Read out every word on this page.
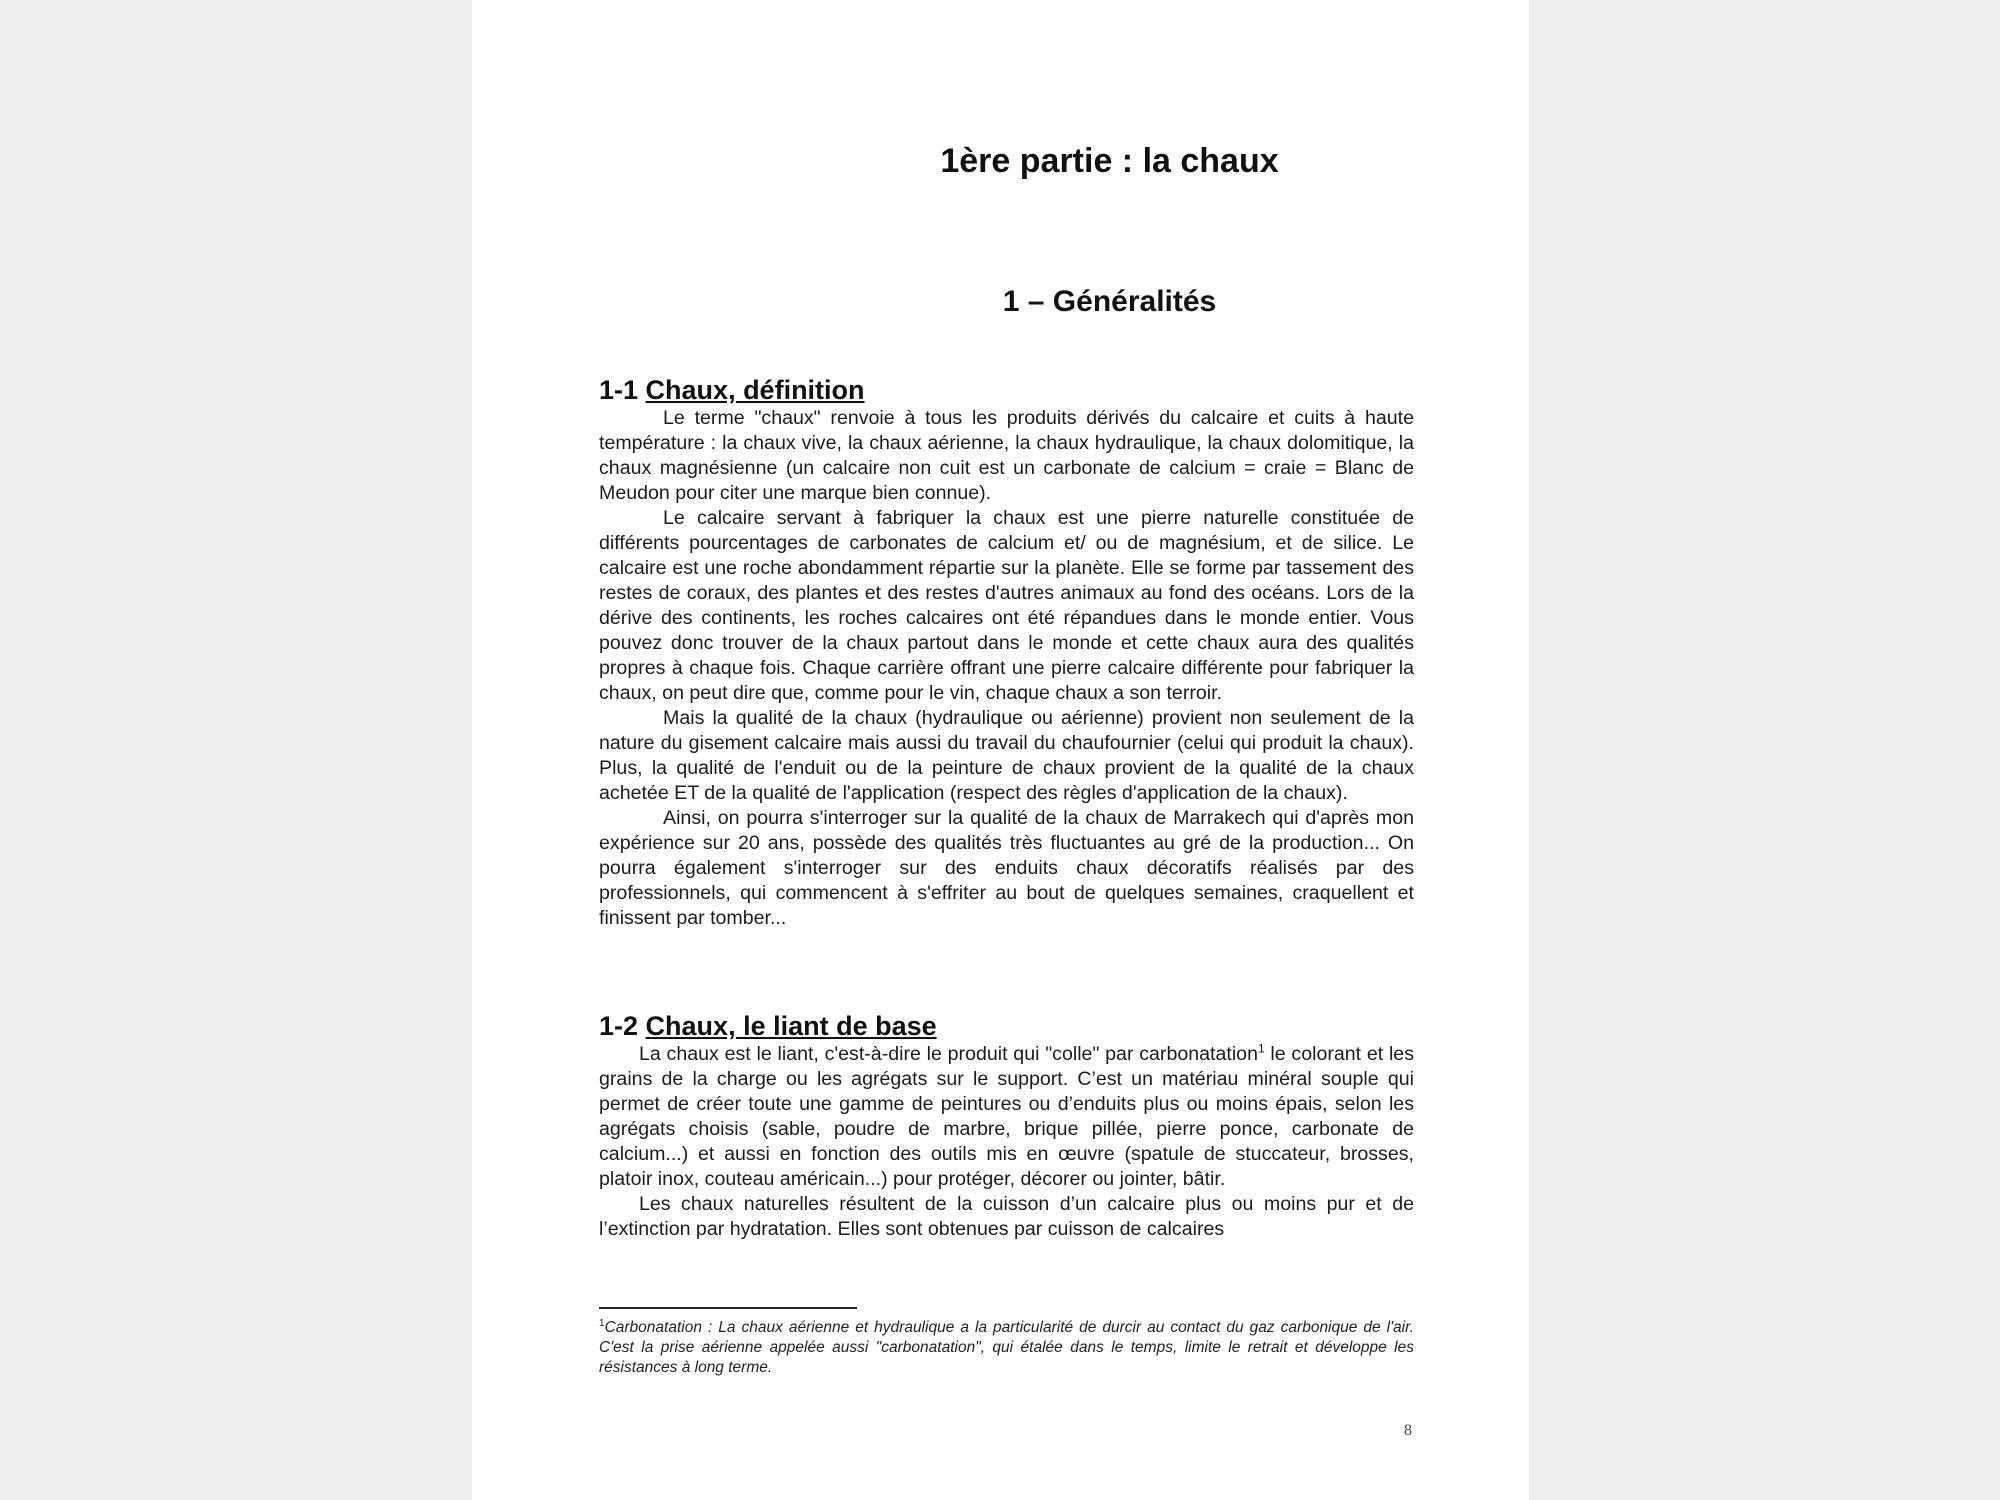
1ère partie : la chaux
1 – Généralités
1-1 Chaux, définition

Le terme "chaux" renvoie à tous les produits dérivés du calcaire et cuits à haute température : la chaux vive, la chaux aérienne, la chaux hydraulique, la chaux dolomitique, la chaux magnésienne (un calcaire non cuit est un carbonate de calcium = craie = Blanc de Meudon pour citer une marque bien connue).

Le calcaire servant à fabriquer la chaux est une pierre naturelle constituée de différents pourcentages de carbonates de calcium et/ ou de magnésium, et de silice. Le calcaire est une roche abondamment répartie sur la planète. Elle se forme par tassement des restes de coraux, des plantes et des restes d'autres animaux au fond des océans. Lors de la dérive des continents, les roches calcaires ont été répandues dans le monde entier. Vous pouvez donc trouver de la chaux partout dans le monde et cette chaux aura des qualités propres à chaque fois. Chaque carrière offrant une pierre calcaire différente pour fabriquer la chaux, on peut dire que, comme pour le vin, chaque chaux a son terroir.

Mais la qualité de la chaux (hydraulique ou aérienne) provient non seulement de la nature du gisement calcaire mais aussi du travail du chaufournier (celui qui produit la chaux). Plus, la qualité de l'enduit ou de la peinture de chaux provient de la qualité de la chaux achetée ET de la qualité de l'application (respect des règles d'application de la chaux).

Ainsi, on pourra s'interroger sur la qualité de la chaux de Marrakech qui d'après mon expérience sur 20 ans, possède des qualités très fluctuantes au gré de la production... On pourra également s'interroger sur des enduits chaux décoratifs réalisés par des professionnels, qui commencent à s'effriter au bout de quelques semaines, craquellent et finissent par tomber...

1-2 Chaux, le liant de base

La chaux est le liant, c'est-à-dire le produit qui "colle" par carbonatation$^1$ le colorant et les grains de la charge ou les agrégats sur le support. C’est un matériau minéral souple qui permet de créer toute une gamme de peintures ou d’enduits plus ou moins épais, selon les agrégats choisis (sable, poudre de marbre, brique pillée, pierre ponce, carbonate de calcium...) et aussi en fonction des outils mis en œuvre (spatule de stuccateur, brosses, platoir inox, couteau américain...) pour protéger, décorer ou jointer, bâtir.

Les chaux naturelles résultent de la cuisson d’un calcaire plus ou moins pur et de l’extinction par hydratation. Elles sont obtenues par cuisson de calcaires

$^1$Carbonatation : La chaux aérienne et hydraulique a la particularité de durcir au contact du gaz carbonique de l'air. C'est la prise aérienne appelée aussi "carbonatation", qui étalée dans le temps, limite le retrait et développe les résistances à long terme.
8
